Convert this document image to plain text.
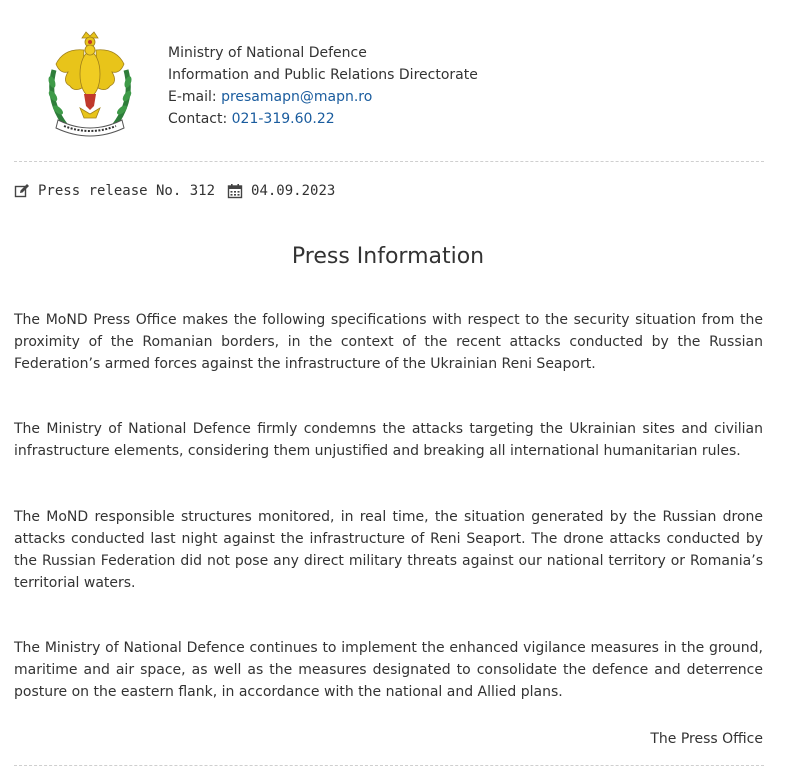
Ministry of National Defence
Information and Public Relations Directorate
E-mail: presamapn@mapn.ro
Contact: 021-319.60.22
Press release No. 312	04.09.2023
Press Information

The MoND Press Office makes the following specifications with respect to the security situation from the proximity of the Romanian borders, in the context of the recent attacks conducted by the Russian Federation’s armed forces against the infrastructure of the Ukrainian Reni Seaport.

The Ministry of National Defence firmly condemns the attacks targeting the Ukrainian sites and civilian infrastructure elements, considering them unjustified and breaking all international humanitarian rules.

The MoND responsible structures monitored, in real time, the situation generated by the Russian drone attacks conducted last night against the infrastructure of Reni Seaport. The drone attacks conducted by the Russian Federation did not pose any direct military threats against our national territory or Romania’s territorial waters.

The Ministry of National Defence continues to implement the enhanced vigilance measures in the ground, maritime and air space, as well as the measures designated to consolidate the defence and deterrence posture on the eastern flank, in accordance with the national and Allied plans.

The Press Office
